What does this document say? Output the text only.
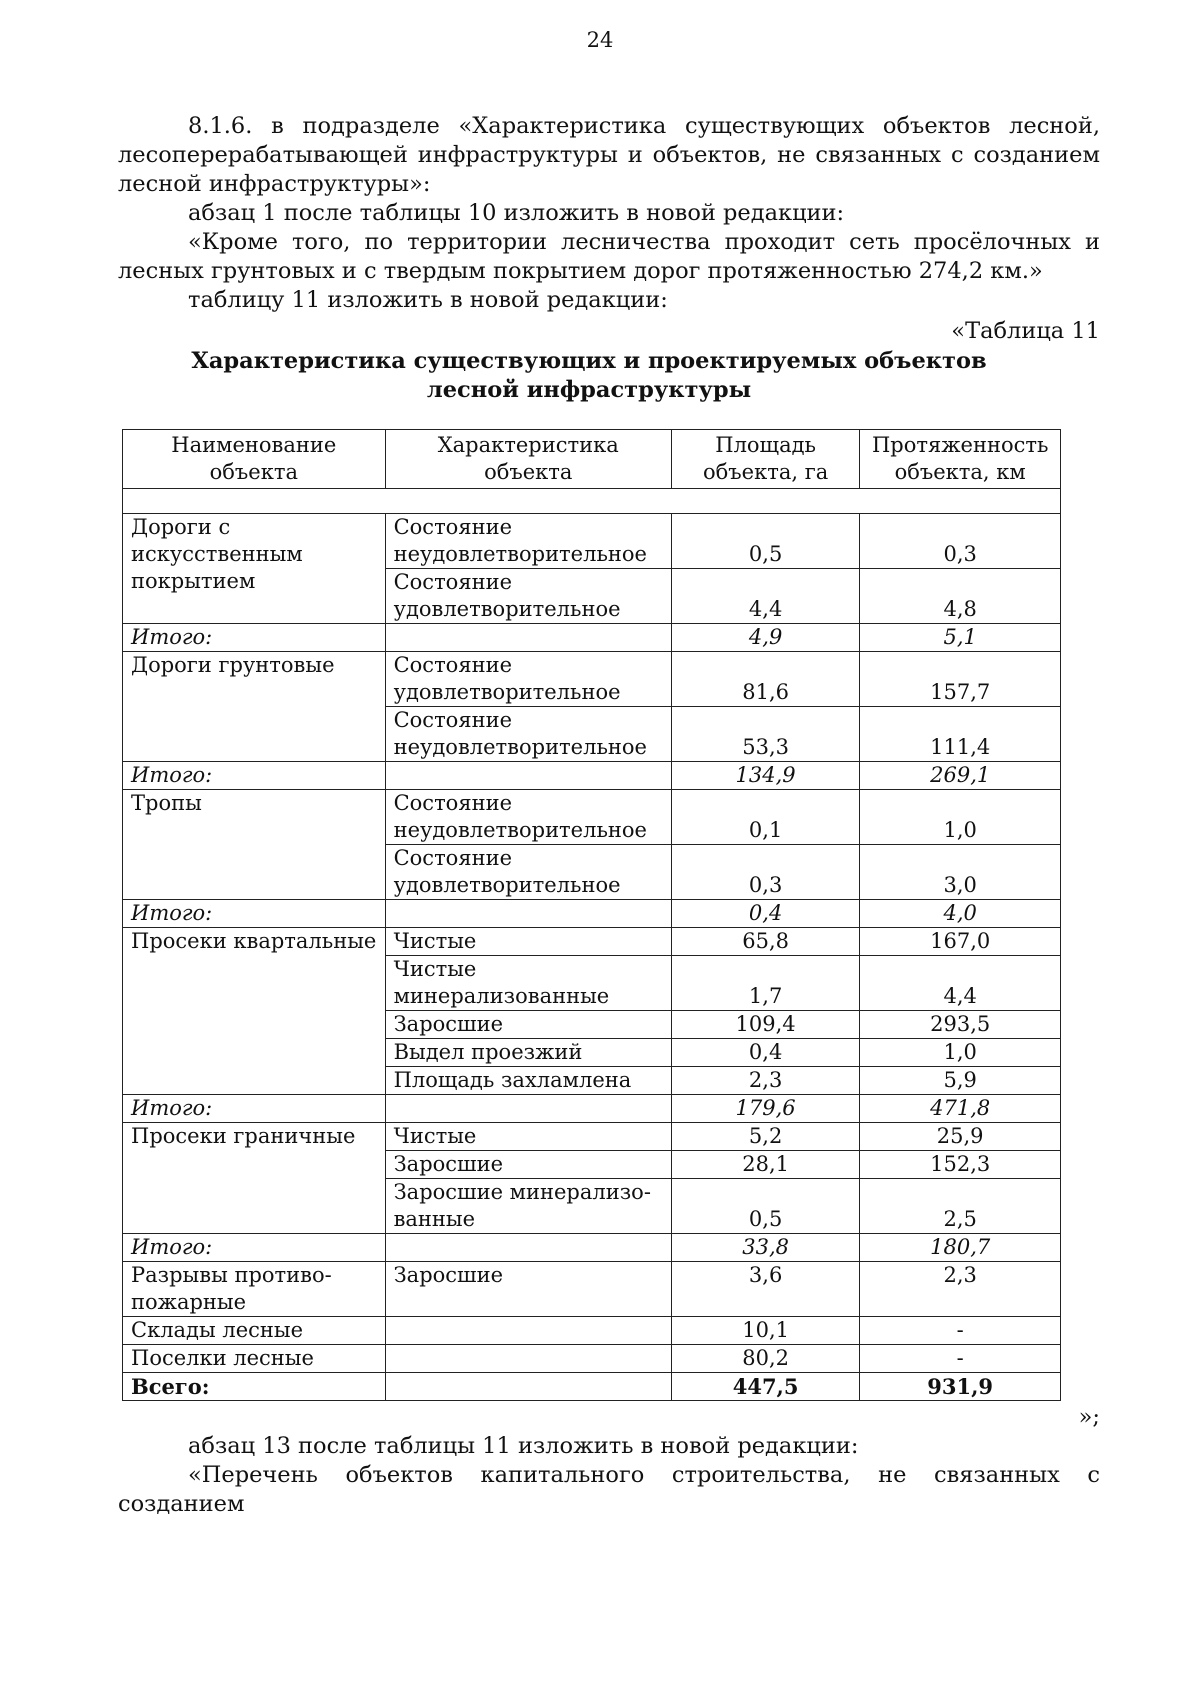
24

8.1.6. в подразделе «Характеристика существующих объектов лесной, лесоперерабатывающей инфраструктуры и объектов, не связанных с созданием лесной инфраструктуры»:

абзац 1 после таблицы 10 изложить в новой редакции:

«Кроме того, по территории лесничества проходит сеть просёлочных и лесных грунтовых и с твердым покрытием дорог протяженностью 274,2 км.»

таблицу 11 изложить в новой редакции:

«Таблица 11

Характеристика существующих и проектируемых объектов
лесной инфраструктуры

Наименование объекта	Характеристика объекта	Площадь объекта, га	Протяженность объекта, км

Дороги с искусственным покрытием	Состояние неудовлетворительное	0,5	0,3
	Состояние удовлетворительное	4,4	4,8
Итого:		4,9	5,1
Дороги грунтовые	Состояние удовлетворительное	81,6	157,7
	Состояние неудовлетворительное	53,3	111,4
Итого:		134,9	269,1
Тропы	Состояние неудовлетворительное	0,1	1,0
	Состояние удовлетворительное	0,3	3,0
Итого:		0,4	4,0
Просеки квартальные	Чистые	65,8	167,0
	Чистые минерализованные	1,7	4,4
	Заросшие	109,4	293,5
	Выдел проезжий	0,4	1,0
	Площадь захламлена	2,3	5,9
Итого:		179,6	471,8
Просеки граничные	Чистые	5,2	25,9
	Заросшие	28,1	152,3
	Заросшие минерализо-ванные	0,5	2,5
Итого:		33,8	180,7
Разрывы противо-пожарные	Заросшие	3,6	2,3
Склады лесные		10,1	-
Поселки лесные		80,2	-
Всего:		447,5	931,9

»;

абзац 13 после таблицы 11 изложить в новой редакции:

«Перечень объектов капитального строительства, не связанных с созданием
